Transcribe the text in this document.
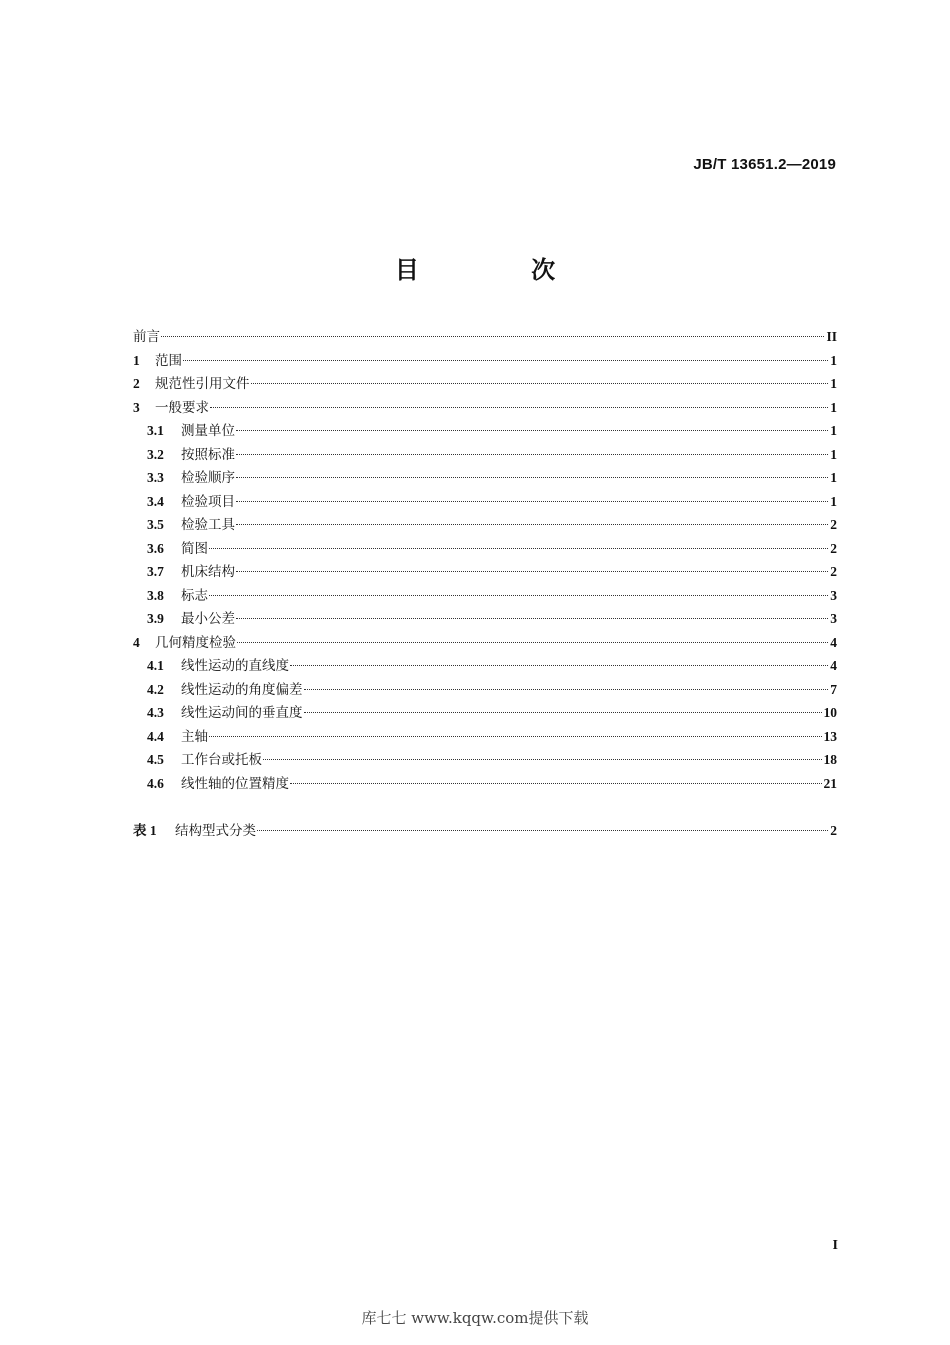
JB/T 13651.2—2019
目 次
前言	II
1	范围	1
2	规范性引用文件	1
3	一般要求	1
3.1	测量单位	1
3.2	按照标准	1
3.3	检验顺序	1
3.4	检验项目	1
3.5	检验工具	2
3.6	简图	2
3.7	机床结构	2
3.8	标志	3
3.9	最小公差	3
4	几何精度检验	4
4.1	线性运动的直线度	4
4.2	线性运动的角度偏差	7
4.3	线性运动间的垂直度	10
4.4	主轴	13
4.5	工作台或托板	18
4.6	线性轴的位置精度	21
表 1	结构型式分类	2
I
库七七 www.kqqw.com提供下载
